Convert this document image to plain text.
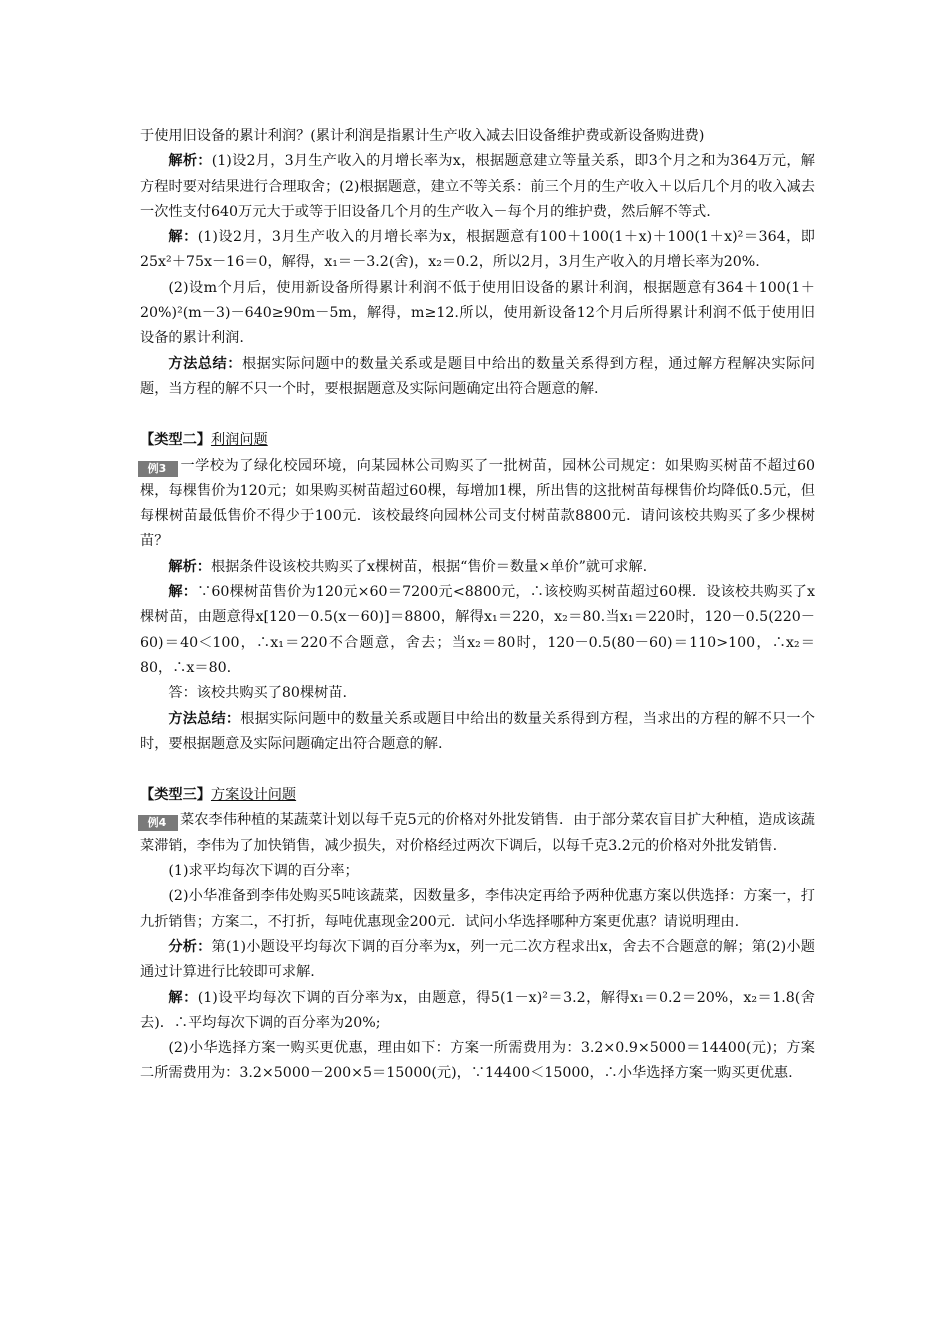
于使用旧设备的累计利润？(累计利润是指累计生产收入减去旧设备维护费或新设备购进费)

解析：(1)设2月，3月生产收入的月增长率为x，根据题意建立等量关系，即3个月之和为364万元，解方程时要对结果进行合理取舍；(2)根据题意，建立不等关系：前三个月的生产收入＋以后几个月的收入减去一次性支付640万元大于或等于旧设备几个月的生产收入－每个月的维护费，然后解不等式.

解：(1)设2月，3月生产收入的月增长率为x，根据题意有100＋100(1＋x)＋100(1＋x)²＝364，即25x²＋75x－16＝0，解得，x₁＝－3.2(舍)，x₂＝0.2，所以2月，3月生产收入的月增长率为20%.

(2)设m个月后，使用新设备所得累计利润不低于使用旧设备的累计利润，根据题意有364＋100(1＋20%)²(m－3)－640≥90m－5m，解得，m≥12.所以，使用新设备12个月后所得累计利润不低于使用旧设备的累计利润.

方法总结：根据实际问题中的数量关系或是题目中给出的数量关系得到方程，通过解方程解决实际问题，当方程的解不只一个时，要根据题意及实际问题确定出符合题意的解.

【类型二】利润问题

例3 一学校为了绿化校园环境，向某园林公司购买了一批树苗，园林公司规定：如果购买树苗不超过60棵，每棵售价为120元；如果购买树苗超过60棵，每增加1棵，所出售的这批树苗每棵售价均降低0.5元，但每棵树苗最低售价不得少于100元．该校最终向园林公司支付树苗款8800元．请问该校共购买了多少棵树苗？

解析：根据条件设该校共购买了x棵树苗，根据“售价＝数量×单价”就可求解.

解：∵60棵树苗售价为120元×60＝7200元<8800元，∴该校购买树苗超过60棵．设该校共购买了x棵树苗，由题意得x[120－0.5(x－60)]＝8800，解得x₁＝220，x₂＝80.当x₁＝220时，120－0.5(220－60)＝40＜100，∴x₁＝220不合题意，舍去；当x₂＝80时，120－0.5(80－60)＝110>100，∴x₂＝80，∴x＝80.

答：该校共购买了80棵树苗.

方法总结：根据实际问题中的数量关系或题目中给出的数量关系得到方程，当求出的方程的解不只一个时，要根据题意及实际问题确定出符合题意的解.

【类型三】方案设计问题

例4 菜农李伟种植的某蔬菜计划以每千克5元的价格对外批发销售．由于部分菜农盲目扩大种植，造成该蔬菜滞销，李伟为了加快销售，减少损失，对价格经过两次下调后，以每千克3.2元的价格对外批发销售.

(1)求平均每次下调的百分率；

(2)小华准备到李伟处购买5吨该蔬菜，因数量多，李伟决定再给予两种优惠方案以供选择：方案一，打九折销售；方案二，不打折，每吨优惠现金200元．试问小华选择哪种方案更优惠？请说明理由.

分析：第(1)小题设平均每次下调的百分率为x，列一元二次方程求出x，舍去不合题意的解；第(2)小题通过计算进行比较即可求解.

解：(1)设平均每次下调的百分率为x，由题意，得5(1－x)²＝3.2，解得x₁＝0.2＝20%，x₂＝1.8(舍去)．∴平均每次下调的百分率为20%;

(2)小华选择方案一购买更优惠，理由如下：方案一所需费用为：3.2×0.9×5000＝14400(元)；方案二所需费用为：3.2×5000－200×5＝15000(元)，∵14400＜15000，∴小华选择方案一购买更优惠.
